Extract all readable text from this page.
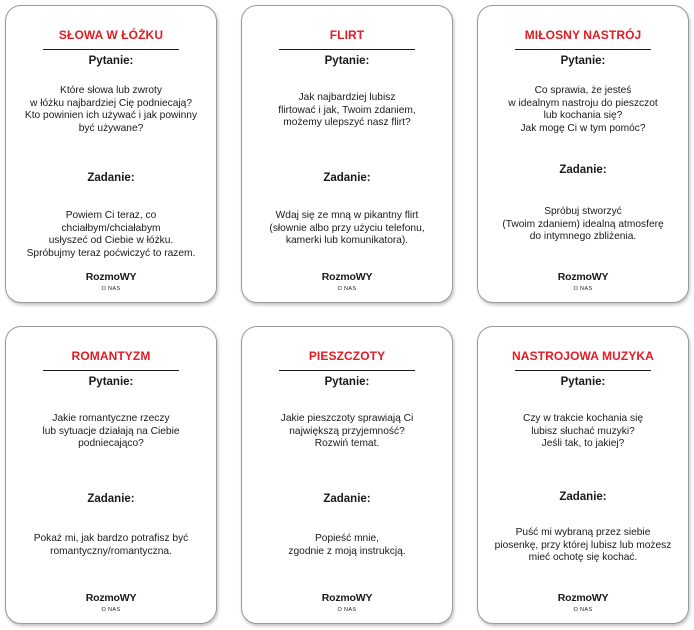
SŁOWA W ŁÓŻKU
Pytanie:
Które słowa lub zwroty
w łóżku najbardziej Cię podniecają?
Kto powinien ich używać i jak powinny
być używane?
Zadanie:
Powiem Ci teraz, co chciałbym/chciałabym
usłyszeć od Ciebie w łóżku.
Spróbujmy teraz poćwiczyć to razem.
RozmoWY
O NAS
FLIRT
Pytanie:
Jak najbardziej lubisz
flirtować i jak, Twoim zdaniem,
możemy ulepszyć nasz flirt?
Zadanie:
Wdaj się ze mną w pikantny flirt
(słownie albo przy użyciu telefonu,
kamerki lub komunikatora).
RozmoWY
O NAS
MIŁOSNY NASTRÓJ
Pytanie:
Co sprawia, że jesteś
w idealnym nastroju do pieszczot
lub kochania się?
Jak mogę Ci w tym pomóc?
Zadanie:
Spróbuj stworzyć
(Twoim zdaniem) idealną atmosferę
do intymnego zbliżenia.
RozmoWY
O NAS
ROMANTYZM
Pytanie:
Jakie romantyczne rzeczy
lub sytuacje działają na Ciebie
podniecająco?
Zadanie:
Pokaż mi, jak bardzo potrafisz być
romantyczny/romantyczna.
RozmoWY
O NAS
PIESZCZOTY
Pytanie:
Jakie pieszczoty sprawiają Ci
największą przyjemność?
Rozwiń temat.
Zadanie:
Popieść mnie,
zgodnie z moją instrukcją.
RozmoWY
O NAS
NASTROJOWA MUZYKA
Pytanie:
Czy w trakcie kochania się
lubisz słuchać muzyki?
Jeśli tak, to jakiej?
Zadanie:
Puść mi wybraną przez siebie
piosenkę, przy której lubisz lub możesz
mieć ochotę się kochać.
RozmoWY
O NAS
